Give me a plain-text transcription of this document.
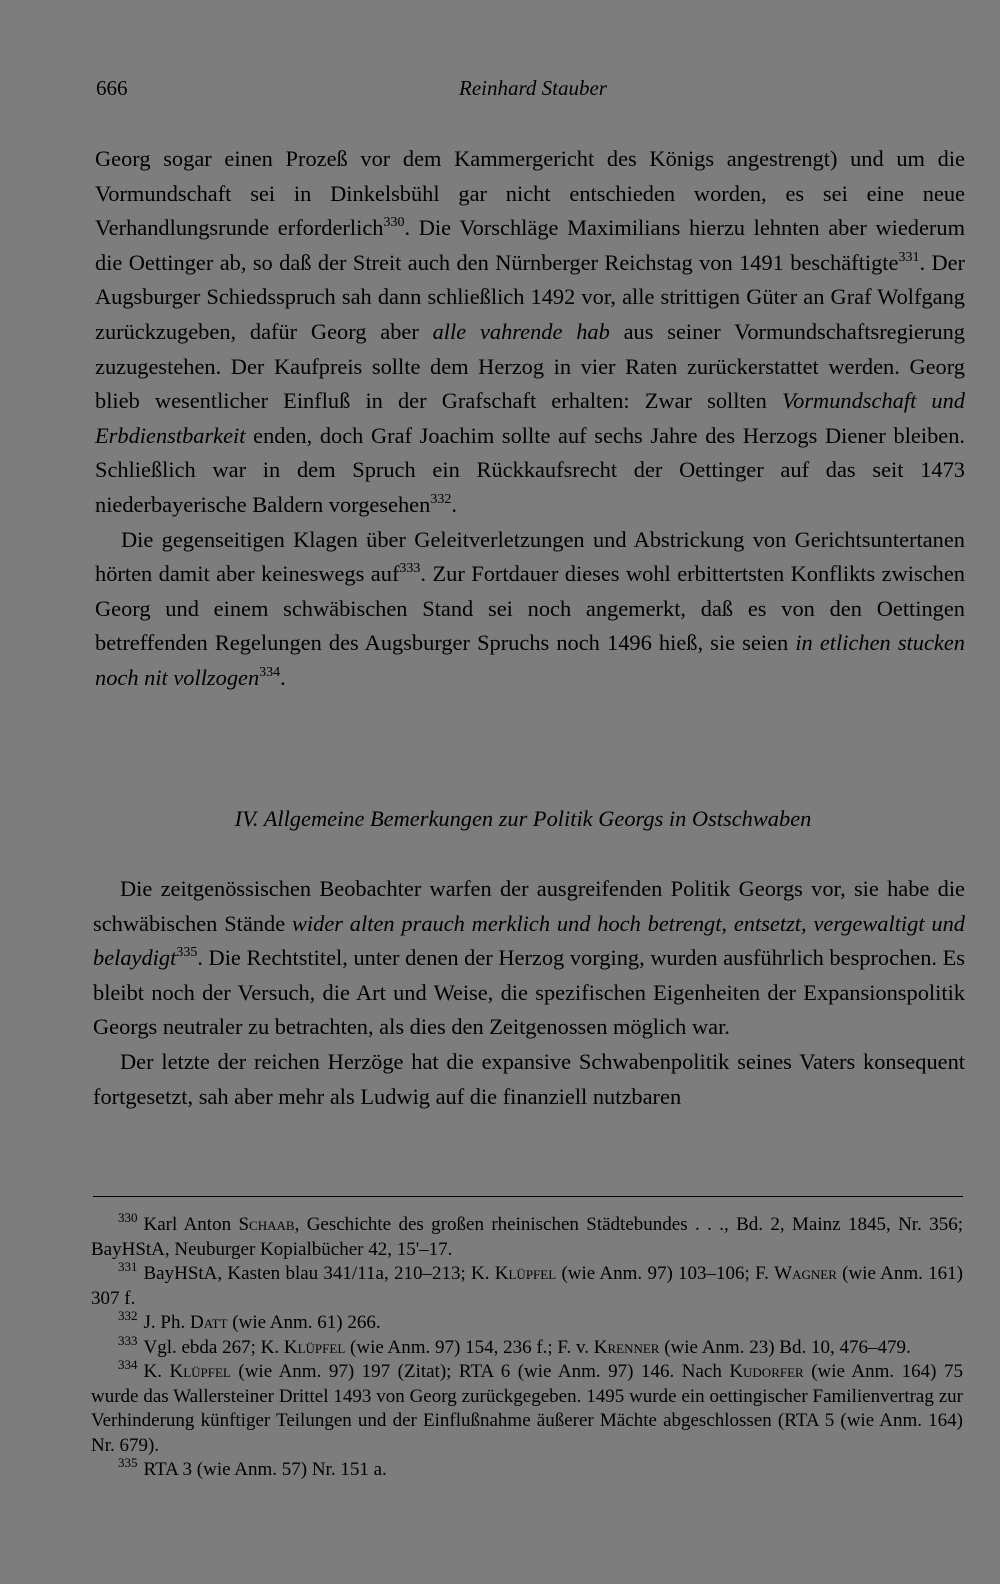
666	Reinhard Stauber

Georg sogar einen Prozeß vor dem Kammergericht des Königs angestrengt) und um die Vormundschaft sei in Dinkelsbühl gar nicht entschieden worden, es sei eine neue Verhandlungsrunde erforderlich$^{330}$. Die Vorschläge Maximilians hierzu lehnten aber wiederum die Oettinger ab, so daß der Streit auch den Nürnberger Reichstag von 1491 beschäftigte$^{331}$. Der Augsburger Schiedsspruch sah dann schließlich 1492 vor, alle strittigen Güter an Graf Wolfgang zurückzugeben, dafür Georg aber alle vahrende hab aus seiner Vormundschaftsregierung zuzugestehen. Der Kaufpreis sollte dem Herzog in vier Raten zurückerstattet werden. Georg blieb wesentlicher Einfluß in der Grafschaft erhalten: Zwar sollten Vormundschaft und Erbdienstbarkeit enden, doch Graf Joachim sollte auf sechs Jahre des Herzogs Diener bleiben. Schließlich war in dem Spruch ein Rückkaufsrecht der Oettinger auf das seit 1473 niederbayerische Baldern vorgesehen$^{332}$.

Die gegenseitigen Klagen über Geleitverletzungen und Abstrickung von Gerichtsuntertanen hörten damit aber keineswegs auf$^{333}$. Zur Fortdauer dieses wohl erbittertsten Konflikts zwischen Georg und einem schwäbischen Stand sei noch angemerkt, daß es von den Oettingen betreffenden Regelungen des Augsburger Spruchs noch 1496 hieß, sie seien in etlichen stucken noch nit vollzogen$^{334}$.

IV. Allgemeine Bemerkungen zur Politik Georgs in Ostschwaben

Die zeitgenössischen Beobachter warfen der ausgreifenden Politik Georgs vor, sie habe die schwäbischen Stände wider alten prauch merklich und hoch betrengt, entsetzt, vergewaltigt und belaydigt$^{335}$. Die Rechtstitel, unter denen der Herzog vorging, wurden ausführlich besprochen. Es bleibt noch der Versuch, die Art und Weise, die spezifischen Eigenheiten der Expansionspolitik Georgs neutraler zu betrachten, als dies den Zeitgenossen möglich war.

Der letzte der reichen Herzöge hat die expansive Schwabenpolitik seines Vaters konsequent fortgesetzt, sah aber mehr als Ludwig auf die finanziell nutzbaren

$^{330}$ Karl Anton Schaab, Geschichte des großen rheinischen Städtebundes . . ., Bd. 2, Mainz 1845, Nr. 356; BayHStA, Neuburger Kopialbücher 42, 15'–17.

$^{331}$ BayHStA, Kasten blau 341/11a, 210–213; K. Klüpfel (wie Anm. 97) 103–106; F. Wagner (wie Anm. 161) 307 f.

$^{332}$ J. Ph. Datt (wie Anm. 61) 266.

$^{333}$ Vgl. ebda 267; K. Klüpfel (wie Anm. 97) 154, 236 f.; F. v. Krenner (wie Anm. 23) Bd. 10, 476–479.

$^{334}$ K. Klüpfel (wie Anm. 97) 197 (Zitat); RTA 6 (wie Anm. 97) 146. Nach Kudorfer (wie Anm. 164) 75 wurde das Wallersteiner Drittel 1493 von Georg zurückgegeben. 1495 wurde ein oettingischer Familienvertrag zur Verhinderung künftiger Teilungen und der Einflußnahme äußerer Mächte abgeschlossen (RTA 5 (wie Anm. 164) Nr. 679).

$^{335}$ RTA 3 (wie Anm. 57) Nr. 151 a.
